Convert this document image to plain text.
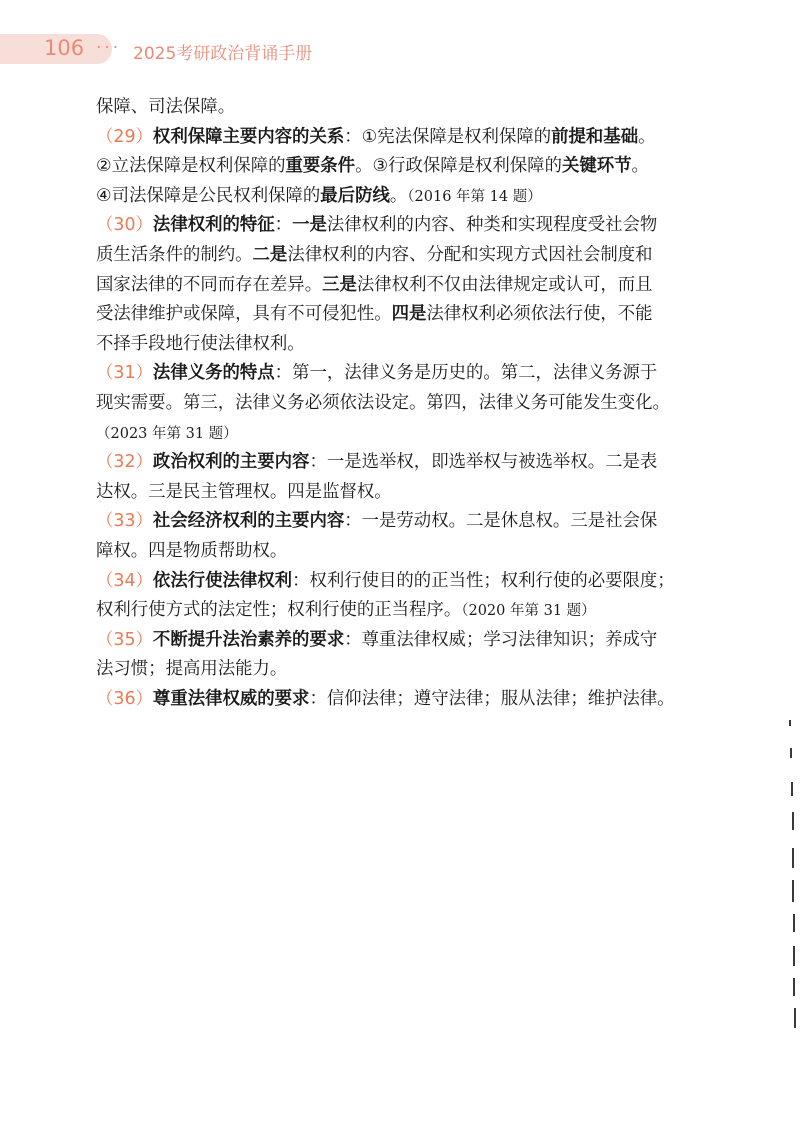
106 ··· 2025考研政治背诵手册
保障、司法保障。
（29）权利保障主要内容的关系：①宪法保障是权利保障的前提和基础。
②立法保障是权利保障的重要条件。③行政保障是权利保障的关键环节。
④司法保障是公民权利保障的最后防线。（2016 年第 14 题）
（30）法律权利的特征：一是法律权利的内容、种类和实现程度受社会物
质生活条件的制约。二是法律权利的内容、分配和实现方式因社会制度和
国家法律的不同而存在差异。三是法律权利不仅由法律规定或认可，而且
受法律维护或保障，具有不可侵犯性。四是法律权利必须依法行使，不能
不择手段地行使法律权利。
（31）法律义务的特点：第一，法律义务是历史的。第二，法律义务源于
现实需要。第三，法律义务必须依法设定。第四，法律义务可能发生变化。
（2023 年第 31 题）
（32）政治权利的主要内容：一是选举权，即选举权与被选举权。二是表
达权。三是民主管理权。四是监督权。
（33）社会经济权利的主要内容：一是劳动权。二是休息权。三是社会保
障权。四是物质帮助权。
（34）依法行使法律权利：权利行使目的的正当性；权利行使的必要限度；
权利行使方式的法定性；权利行使的正当程序。（2020 年第 31 题）
（35）不断提升法治素养的要求：尊重法律权威；学习法律知识；养成守
法习惯；提高用法能力。
（36）尊重法律权威的要求：信仰法律；遵守法律；服从法律；维护法律。
